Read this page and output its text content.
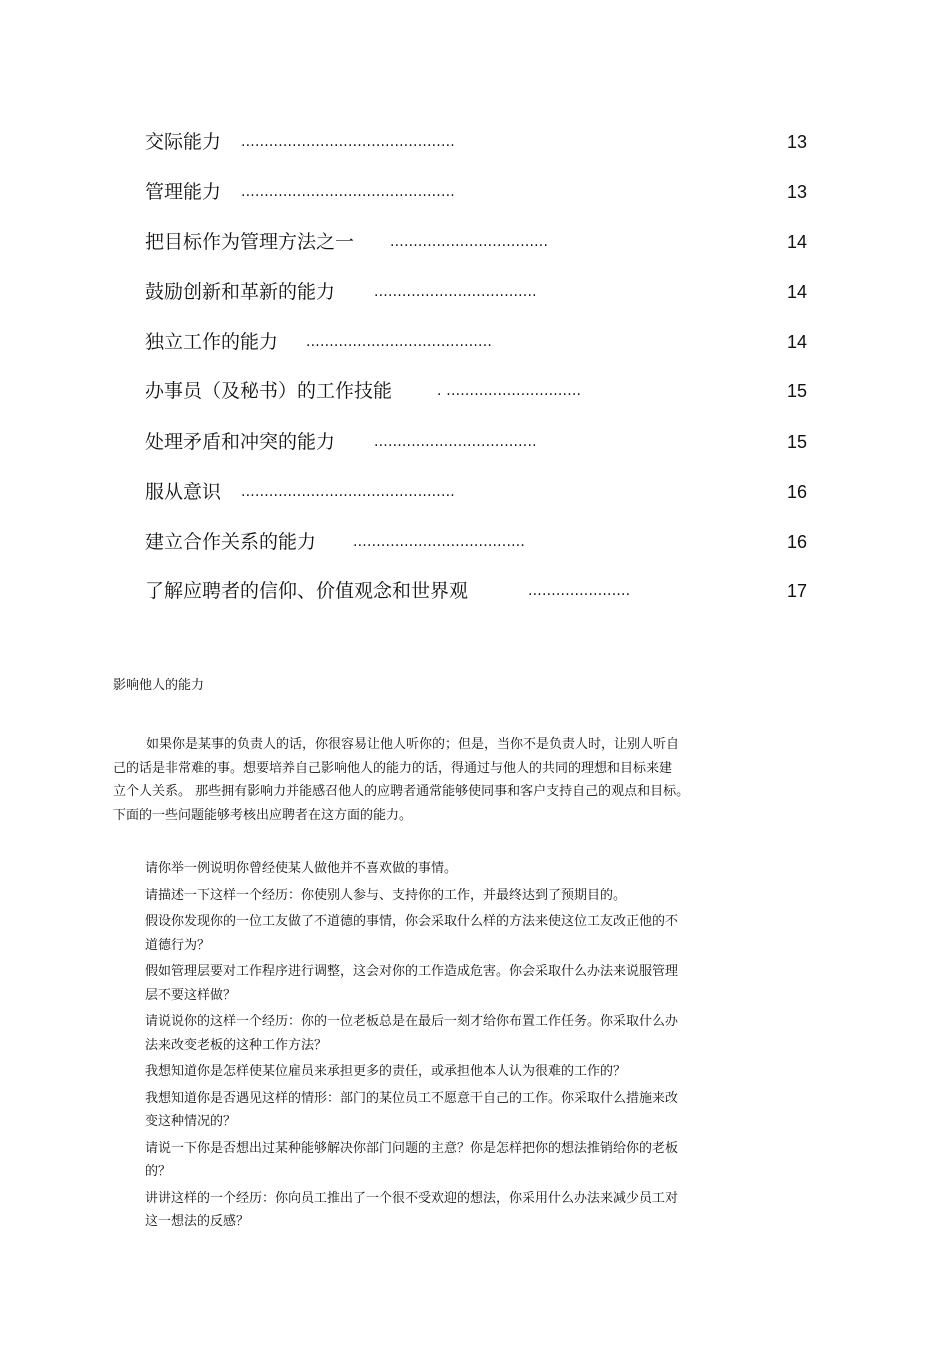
交际能力 ..............................................	13
管理能力 ..............................................	13
把目标作为管理方法之一	..................................	14
鼓励创新和革新的能力	...................................	14
独立工作的能力 ........................................	14
办事员（及秘书）的工作技能	. .............................	15
处理矛盾和冲突的能力	...................................	15
服从意识 ..............................................	16
建立合作关系的能力	.....................................	16
了解应聘者的信仰、价值观念和世界观	......................	17
影响他人的能力
如果你是某事的负责人的话，你很容易让他人听你的；但是，当你不是负责人时，让别人听自
己的话是非常难的事。想要培养自己影响他人的能力的话，得通过与他人的共同的理想和目标来建
立个人关系。 那些拥有影响力并能感召他人的应聘者通常能够使同事和客户支持自己的观点和目标。
下面的一些问题能够考核出应聘者在这方面的能力。
请你举一例说明你曾经使某人做他并不喜欢做的事情。
请描述一下这样一个经历：你使别人参与、支持你的工作，并最终达到了预期目的。
假设你发现你的一位工友做了不道德的事情，你会采取什么样的方法来使这位工友改正他的不
道德行为？
假如管理层要对工作程序进行调整，这会对你的工作造成危害。你会采取什么办法来说服管理
层不要这样做？
请说说你的这样一个经历：你的一位老板总是在最后一刻才给你布置工作任务。你采取什么办
法来改变老板的这种工作方法？
我想知道你是怎样使某位雇员来承担更多的责任，或承担他本人认为很难的工作的？
我想知道你是否遇见这样的情形：部门的某位员工不愿意干自己的工作。你采取什么措施来改
变这种情况的？
请说一下你是否想出过某种能够解决你部门问题的主意？你是怎样把你的想法推销给你的老板
的？
讲讲这样的一个经历：你向员工推出了一个很不受欢迎的想法，你采用什么办法来减少员工对
这一想法的反感？
